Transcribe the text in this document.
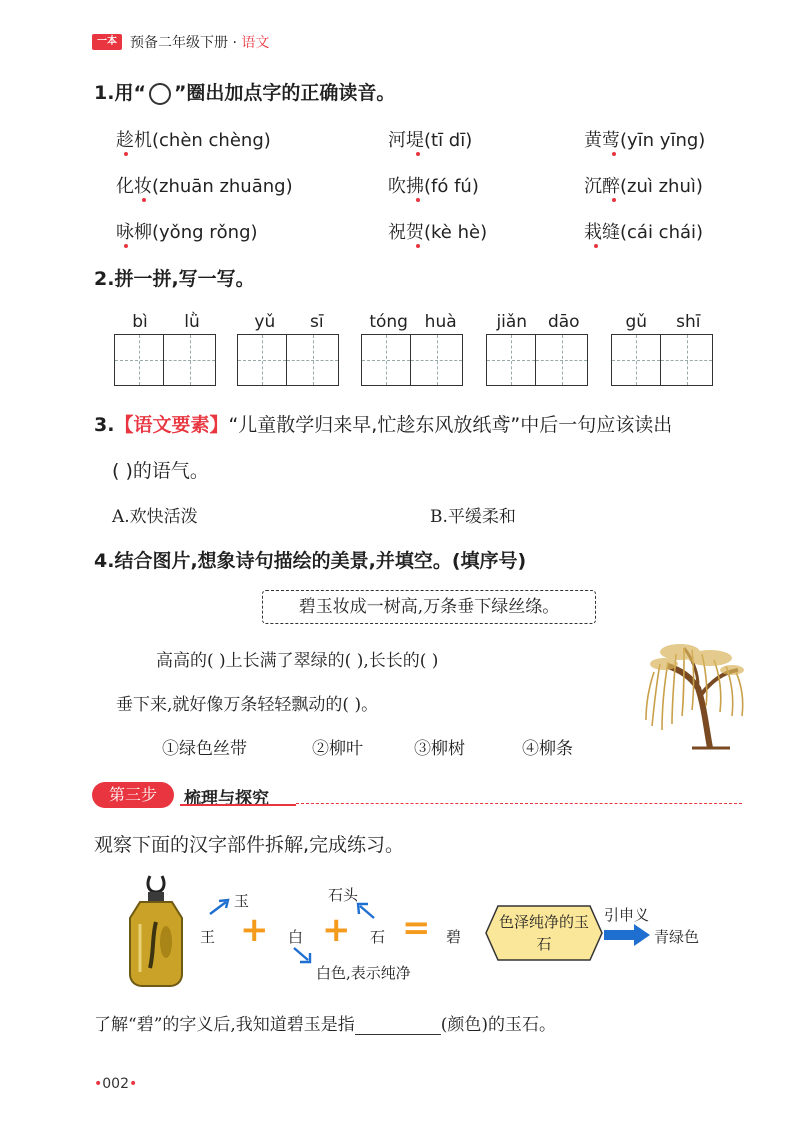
一本 预备二年级下册 · 语文
1.用“ ”圈出加点字的正确读音。
趁机(chèn chèng)	河堤(tī dī)	黄莺(yīn yīng)
化妆(zhuān zhuāng)	吹拂(fó fú)	沉醉(zuì zhuì)
咏柳(yǒng rǒng)	祝贺(kè hè)	栽缝(cái chái)
2.拼一拼,写一写。
bì lǜ	yǔ sī	tóng huà jiǎn dāo	gǔ shī
3.【语文要素】“儿童散学归来早,忙趁东风放纸鸢”中后一句应该读出
( )的语气。
A.欢快活泼	B.平缓柔和
4.结合图片,想象诗句描绘的美景,并填空。(填序号)
碧玉妆成一树高,万条垂下绿丝绦。
高高的( )上长满了翠绿的( ),长长的( )
垂下来,就好像万条轻轻飘动的( )。
①绿色丝带	②柳叶	③柳树	④柳条
第三步	梳理与探究
观察下面的汉字部件拆解,完成练习。
王
玉
+ 白
白色,表示纯净
石头
+ 石 = 碧
色泽纯净的玉石
引申义
青绿色
了解“碧”的字义后,我知道碧玉是指	(颜色)的玉石。
•002•
